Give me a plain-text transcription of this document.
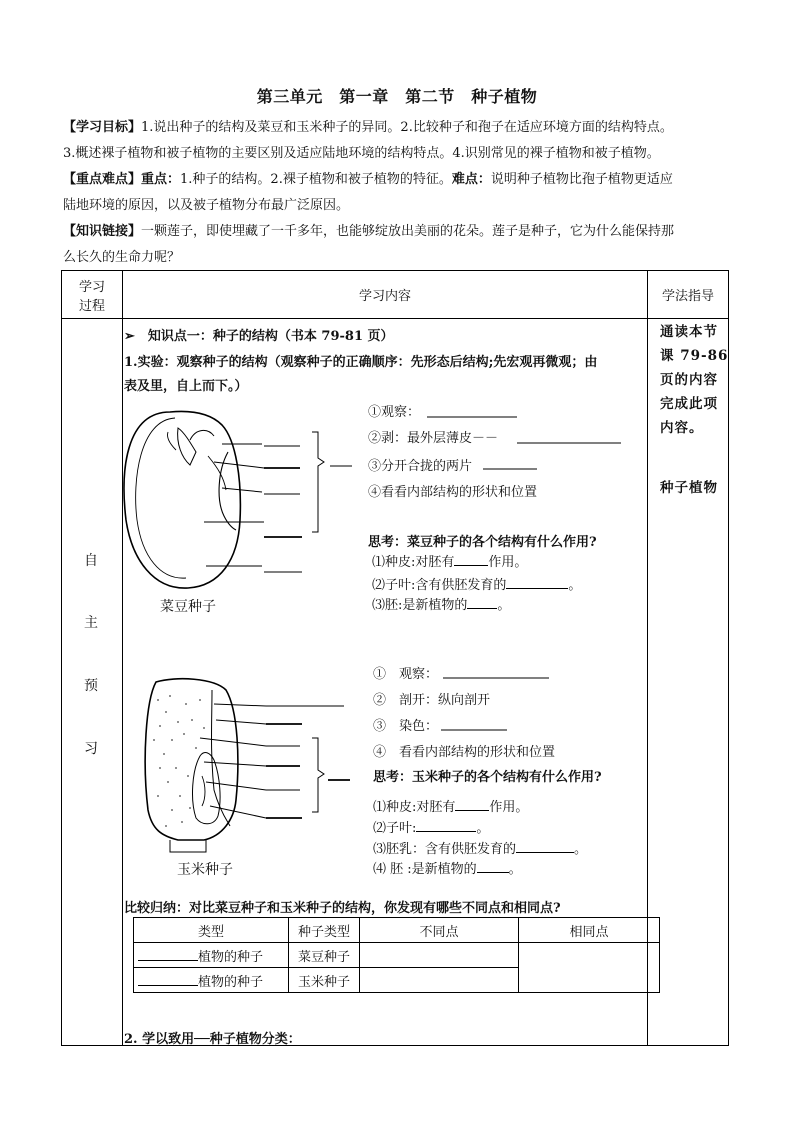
第三单元　第一章　第二节　种子植物
【学习目标】1.说出种子的结构及菜豆和玉米种子的异同。2.比较种子和孢子在适应环境方面的结构特点。
3.概述裸子植物和被子植物的主要区别及适应陆地环境的结构特点。4.识别常见的裸子植物和被子植物。
【重点难点】重点：1.种子的结构。2.裸子植物和被子植物的特征。难点：说明种子植物比孢子植物更适应
陆地环境的原因，以及被子植物分布最广泛原因。
【知识链接】一颗莲子，即使埋藏了一千多年，也能够绽放出美丽的花朵。莲子是种子，它为什么能保持那
么长久的生命力呢？
学习
过程	学习内容	学法指导

自
主
预
习
通读本节
课 79-86
页的内容
完成此项
内容。
种子植物
➢　知识点一：种子的结构（书本 79-81 页）
1.实验：观察种子的结构（观察种子的正确顺序：先形态后结构;先宏观再微观；由
表及里，自上而下。）
①观察：
②剥：最外层薄皮－－
③分开合拢的两片
④看看内部结构的形状和位置
思考：菜豆种子的各个结构有什么作用?
⑴种皮:对胚有	作用。
⑵子叶:含有供胚发育的	。
⑶胚:是新植物的 。
菜豆种子
①　观察：
②　剖开：纵向剖开
③　染色：
④　看看内部结构的形状和位置
思考：玉米种子的各个结构有什么作用?
⑴种皮:对胚有	作用。
⑵子叶:	。
⑶胚乳：含有供胚发育的	。
⑷ 胚 :是新植物的 。
玉米种子
比较归纳：对比菜豆种子和玉米种子的结构，你发现有哪些不同点和相同点?
类型	种子类型	不同点	相同点
植物的种子	菜豆种子		
植物的种子	玉米种子		
2. 学以致用──种子植物分类：
